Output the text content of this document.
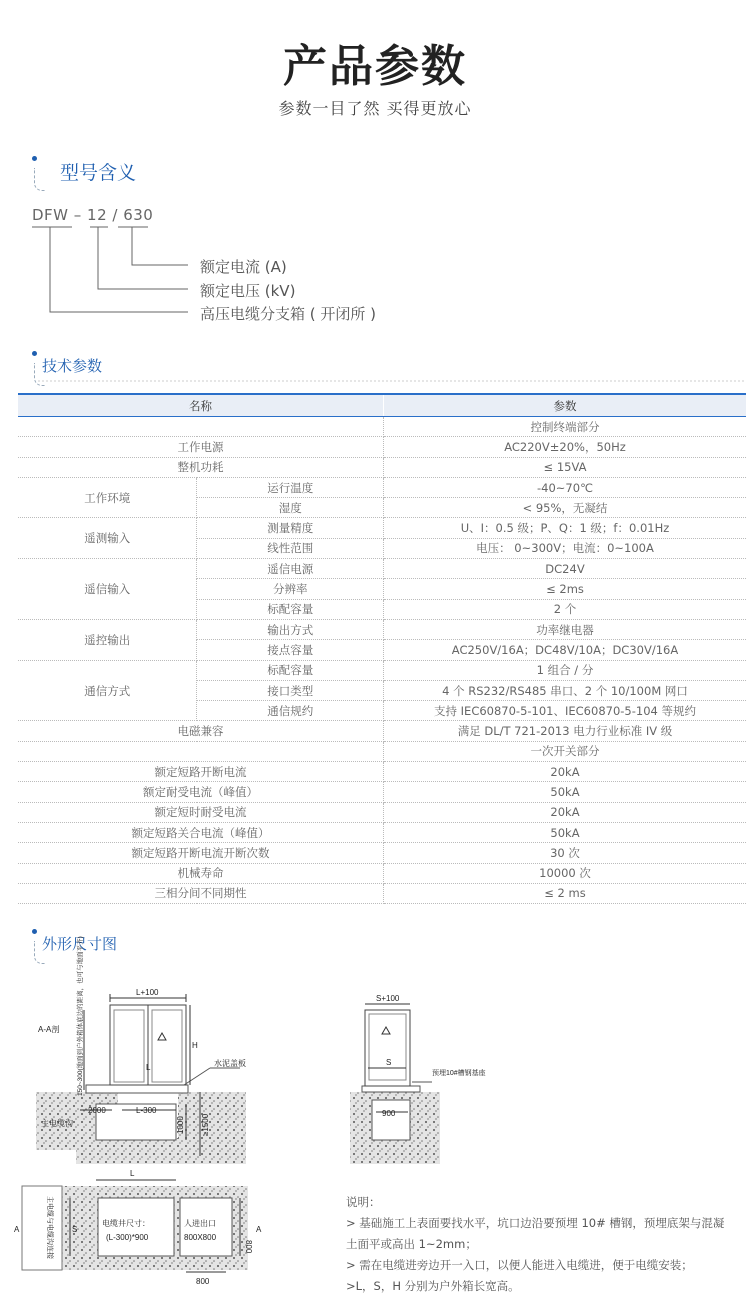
产品参数
参数一目了然 买得更放心
型号含义
DFW – 12 / 630
额定电流 (A)
额定电压 (kV)
高压电缆分支箱 ( 开闭所 )
技术参数
名称		参数
		控制终端部分
工作电源		AC220V±20%，50Hz
整机功耗		≤ 15VA
工作环境	运行温度	-40~70℃
	湿度	< 95%，无凝结
遥测输入	测量精度	U、I：0.5 级；P、Q：1 级；f：0.01Hz
	线性范围	电压： 0~300V；电流：0~100A
遥信输入	遥信电源	DC24V
	分辨率	≤ 2ms
	标配容量	2 个
遥控输出	输出方式	功率继电器
	接点容量	AC250V/16A；DC48V/10A；DC30V/16A
通信方式	标配容量	1 组合 / 分
	接口类型	4 个 RS232/RS485 串口、2 个 10/100M 网口
	通信规约	支持 IEC60870-5-101、IEC60870-5-104 等规约
电磁兼容		满足 DL/T 721-2013 电力行业标准 IV 级
		一次开关部分
额定短路开断电流		20kA
额定耐受电流（峰值）		50kA
额定短时耐受电流		20kA
额定短路关合电流（峰值）		50kA
额定短路开断电流开断次数		30 次
机械寿命		10000 次
三相分间不同期性		≤ 2 ms
外形尺寸图
A-A剖
L+100
H
L	水泥盖板
主电缆沟
2000	L-300
1000 ≥1500
150~300(地面到户外箱体底边的距离，也可与地面平齐)	S+100
S
900
预埋10#槽钢基座
L
S
电缆井尺寸：
(L-300)*900
人进出口
800X800
800
800
A	A
主电缆与电缆沟连接	说明：
> 基础施工上表面要找水平，坑口边沿要预埋 10# 槽钢，预埋底架与混凝
土面平或高出 1~2mm；
> 需在电缆进旁边开一入口，以便人能进入电缆进，便于电缆安装；
>L，S，H 分别为户外箱长宽高。
